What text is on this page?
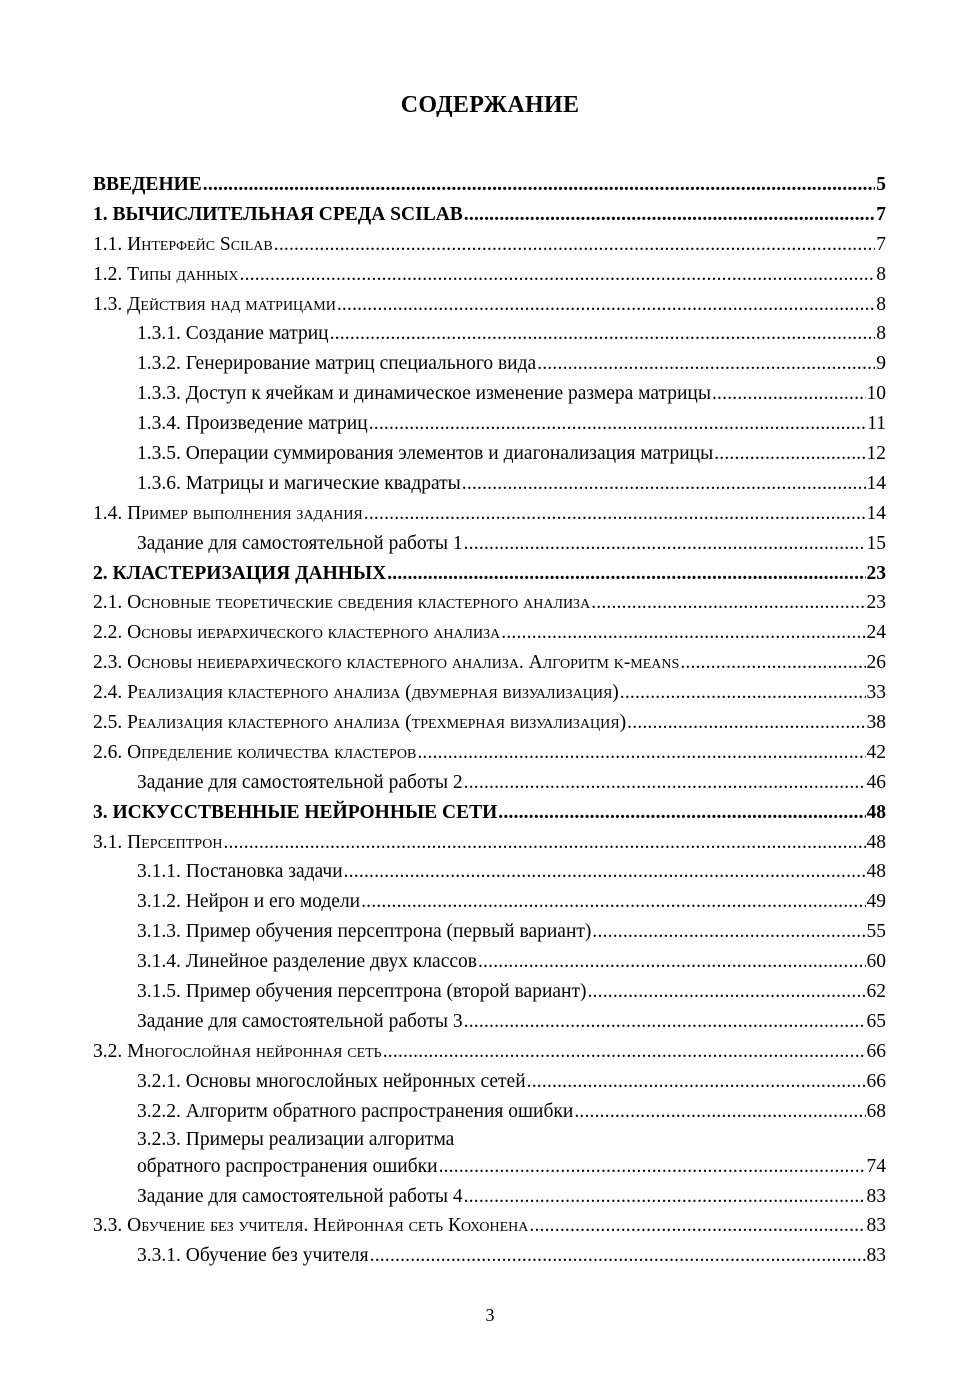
СОДЕРЖАНИЕ
ВВЕДЕНИЕ .....	5
1. ВЫЧИСЛИТЕЛЬНАЯ СРЕДА SCILAB .....	7
1.1. Интерфейс Scilab .....	7
1.2. Типы данных .....	8
1.3. Действия над матрицами .....	8
1.3.1. Создание матриц .....	8
1.3.2. Генерирование матриц специального вида .....	9
1.3.3. Доступ к ячейкам и динамическое изменение размера матрицы .....	10
1.3.4. Произведение матриц .....	11
1.3.5. Операции суммирования элементов и диагонализация матрицы .....	12
1.3.6. Матрицы и магические квадраты .....	14
1.4. Пример выполнения задания .....	14
Задание для самостоятельной работы 1 .....	15
2. КЛАСТЕРИЗАЦИЯ ДАННЫХ .....	23
2.1. Основные теоретические сведения кластерного анализа .....	23
2.2. Основы иерархического кластерного анализа .....	24
2.3. Основы неиерархического кластерного анализа. Алгоритм k-means .....	26
2.4. Реализация кластерного анализа (двумерная визуализация) .....	33
2.5. Реализация кластерного анализа (трехмерная визуализация) .....	38
2.6. Определение количества кластеров .....	42
Задание для самостоятельной работы 2 .....	46
3. ИСКУССТВЕННЫЕ НЕЙРОННЫЕ СЕТИ .....	48
3.1. Персептрон .....	48
3.1.1. Постановка задачи .....	48
3.1.2. Нейрон и его модели .....	49
3.1.3. Пример обучения персептрона (первый вариант) .....	55
3.1.4. Линейное разделение двух классов .....	60
3.1.5. Пример обучения персептрона (второй вариант) .....	62
Задание для самостоятельной работы 3 .....	65
3.2. Многослойная нейронная сеть .....	66
3.2.1. Основы многослойных нейронных сетей .....	66
3.2.2. Алгоритм обратного распространения ошибки .....	68
3.2.3. Примеры реализации алгоритма
обратного распространения ошибки .....	74
Задание для самостоятельной работы 4 .....	83
3.3. Обучение без учителя. Нейронная сеть Кохонена .....	83
3.3.1. Обучение без учителя .....	83
3
